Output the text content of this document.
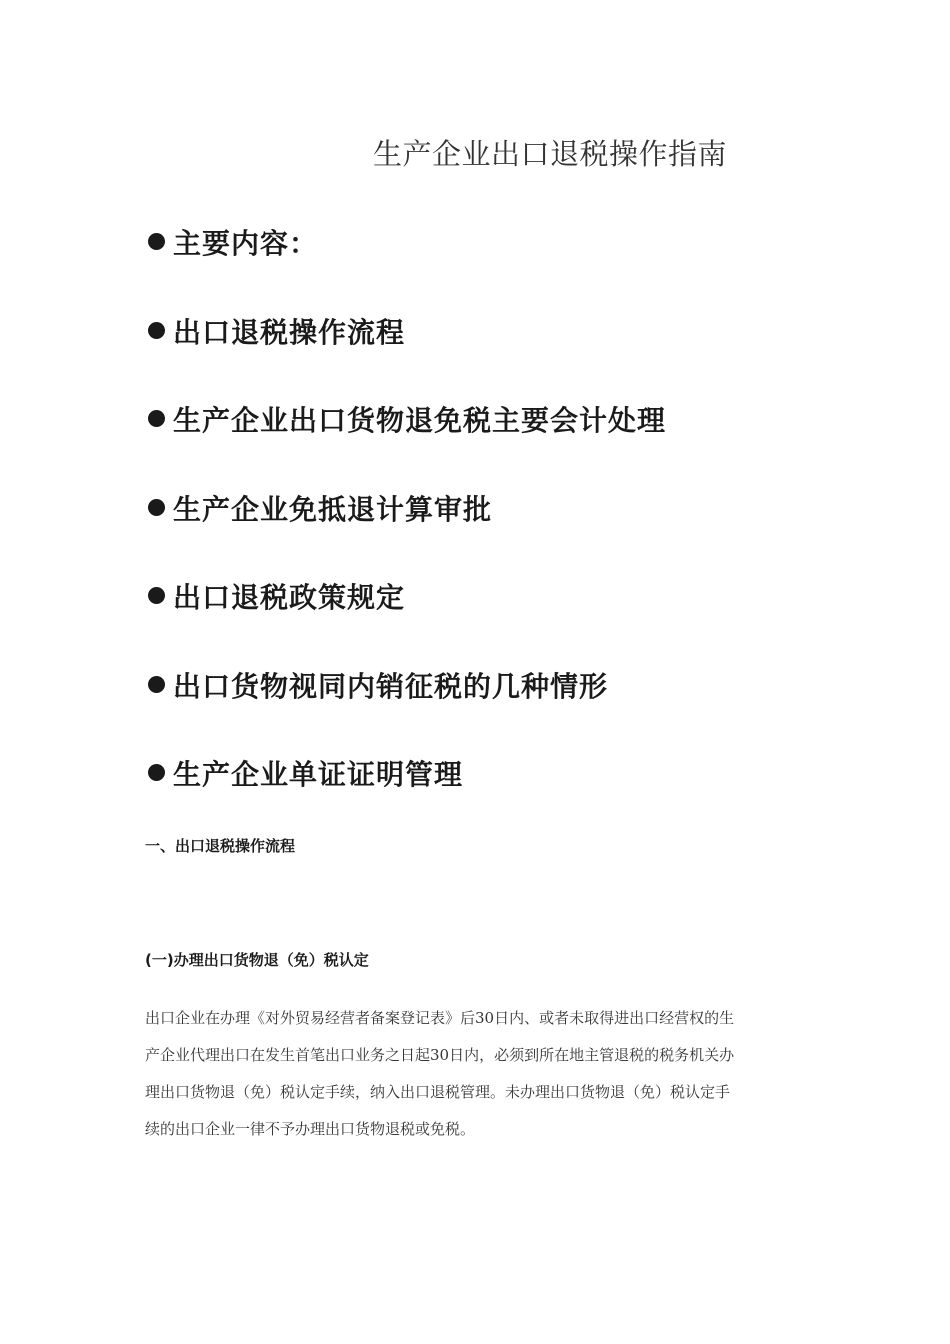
生产企业出口退税操作指南
主要内容：
出口退税操作流程
生产企业出口货物退免税主要会计处理
生产企业免抵退计算审批
出口退税政策规定
出口货物视同内销征税的几种情形
生产企业单证证明管理
一、出口退税操作流程
(一)办理出口货物退（免）税认定

出口企业在办理《对外贸易经营者备案登记表》后30日内、或者未取得进出口经营权的生
产企业代理出口在发生首笔出口业务之日起30日内，必须到所在地主管退税的税务机关办
理出口货物退（免）税认定手续，纳入出口退税管理。未办理出口货物退（免）税认定手
续的出口企业一律不予办理出口货物退税或免税。
